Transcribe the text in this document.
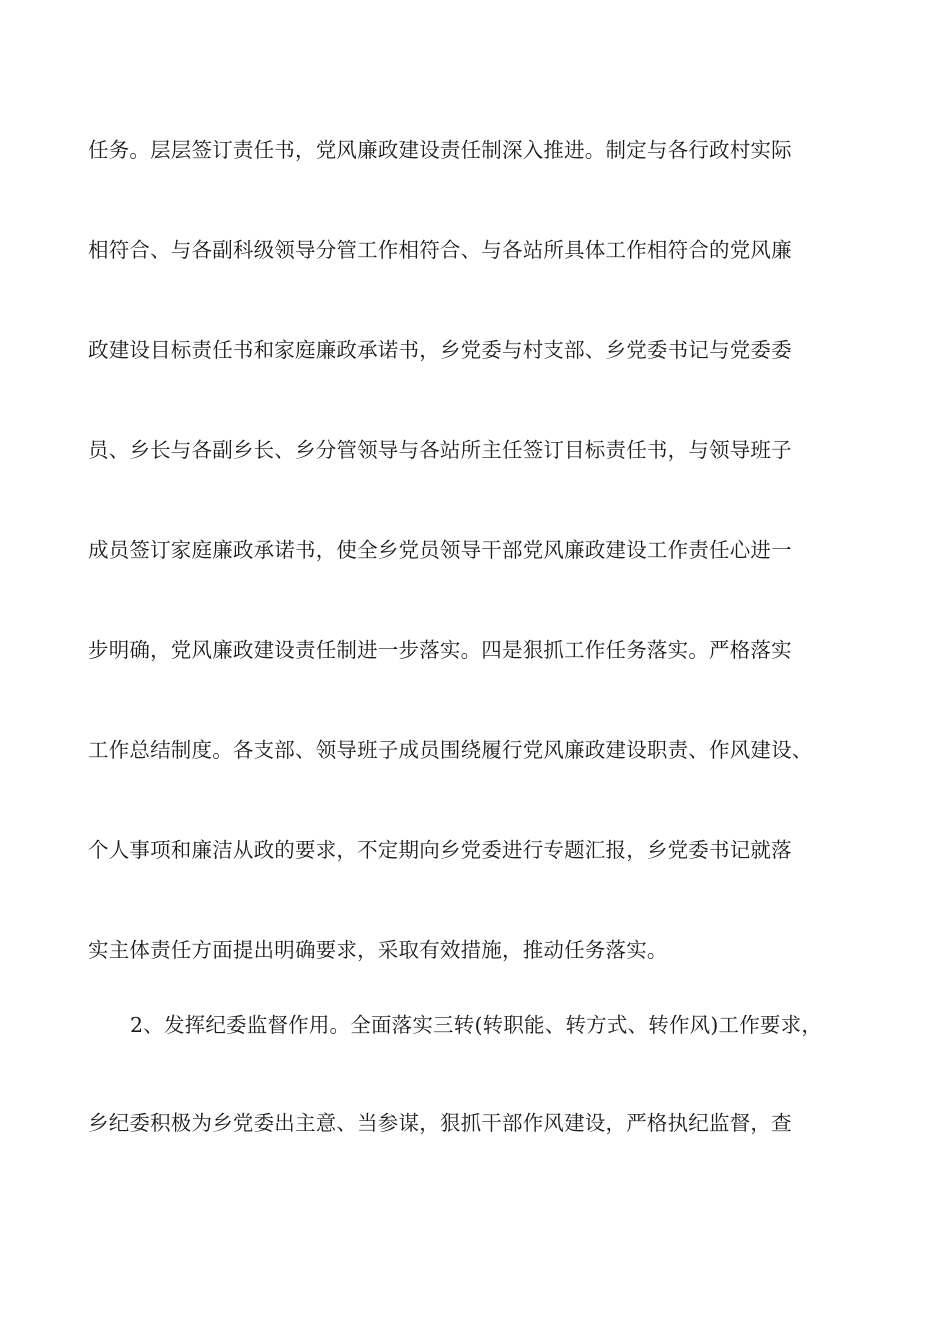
任务。层层签订责任书，党风廉政建设责任制深入推进。制定与各行政村实际
相符合、与各副科级领导分管工作相符合、与各站所具体工作相符合的党风廉
政建设目标责任书和家庭廉政承诺书，乡党委与村支部、乡党委书记与党委委
员、乡长与各副乡长、乡分管领导与各站所主任签订目标责任书，与领导班子
成员签订家庭廉政承诺书，使全乡党员领导干部党风廉政建设工作责任心进一
步明确，党风廉政建设责任制进一步落实。四是狠抓工作任务落实。严格落实
工作总结制度。各支部、领导班子成员围绕履行党风廉政建设职责、作风建设、
个人事项和廉洁从政的要求，不定期向乡党委进行专题汇报，乡党委书记就落
实主体责任方面提出明确要求，采取有效措施，推动任务落实。
2、发挥纪委监督作用。全面落实三转(转职能、转方式、转作风)工作要求，
乡纪委积极为乡党委出主意、当参谋，狠抓干部作风建设，严格执纪监督，查
